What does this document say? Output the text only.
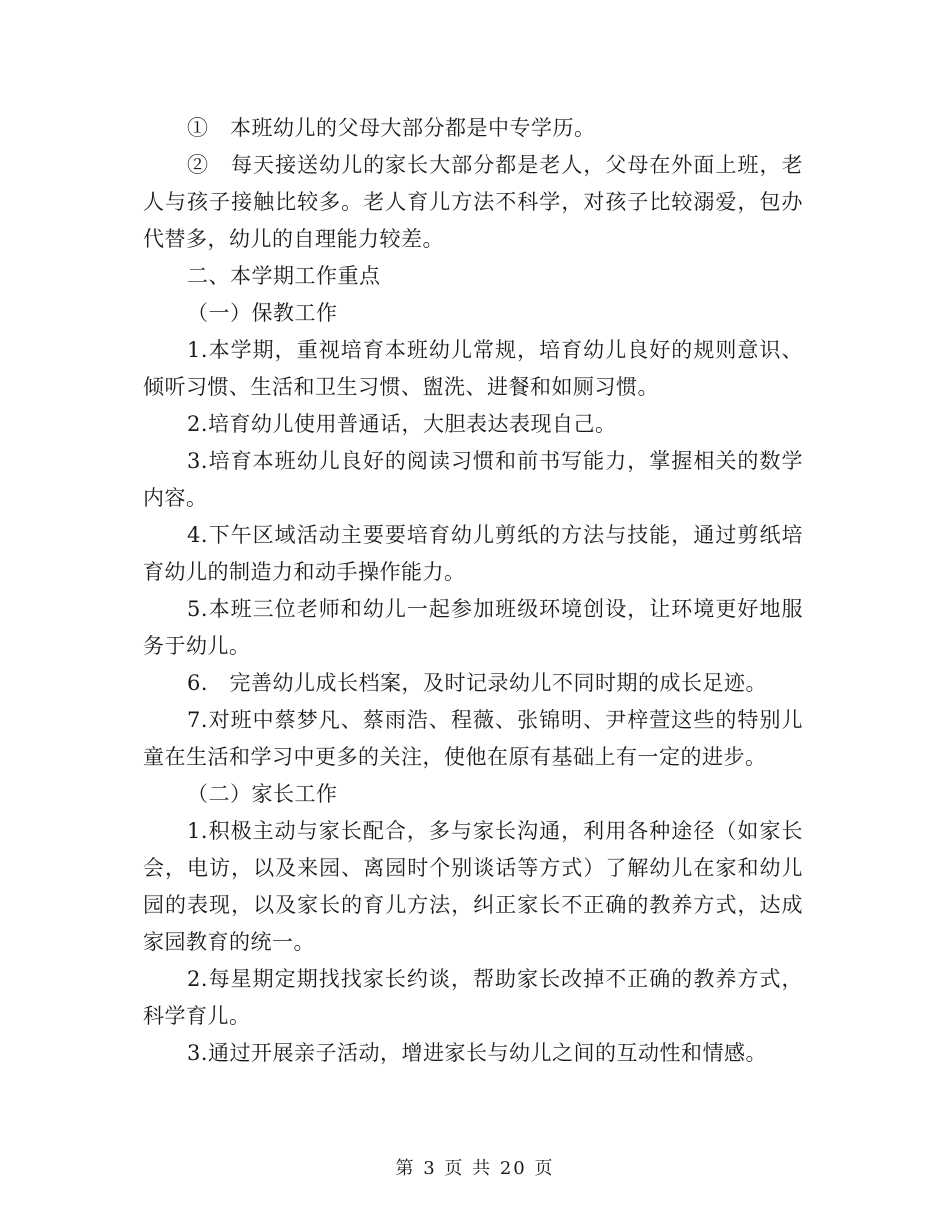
①　本班幼儿的父母大部分都是中专学历。

②　每天接送幼儿的家长大部分都是老人，父母在外面上班，老人与孩子接触比较多。老人育儿方法不科学，对孩子比较溺爱，包办代替多，幼儿的自理能力较差。

二、本学期工作重点

（一）保教工作

1.本学期，重视培育本班幼儿常规，培育幼儿良好的规则意识、倾听习惯、生活和卫生习惯、盥洗、进餐和如厕习惯。

2.培育幼儿使用普通话，大胆表达表现自己。

3.培育本班幼儿良好的阅读习惯和前书写能力，掌握相关的数学内容。

4.下午区域活动主要要培育幼儿剪纸的方法与技能，通过剪纸培育幼儿的制造力和动手操作能力。

5.本班三位老师和幼儿一起参加班级环境创设，让环境更好地服务于幼儿。

6.　完善幼儿成长档案，及时记录幼儿不同时期的成长足迹。

7.对班中蔡梦凡、蔡雨浩、程薇、张锦明、尹梓萱这些的特别儿童在生活和学习中更多的关注，使他在原有基础上有一定的进步。

（二）家长工作

1.积极主动与家长配合，多与家长沟通，利用各种途径（如家长会，电访，以及来园、离园时个别谈话等方式）了解幼儿在家和幼儿园的表现，以及家长的育儿方法，纠正家长不正确的教养方式，达成家园教育的统一。

2.每星期定期找找家长约谈，帮助家长改掉不正确的教养方式，科学育儿。

3.通过开展亲子活动，增进家长与幼儿之间的互动性和情感。

第 3 页 共 20 页
